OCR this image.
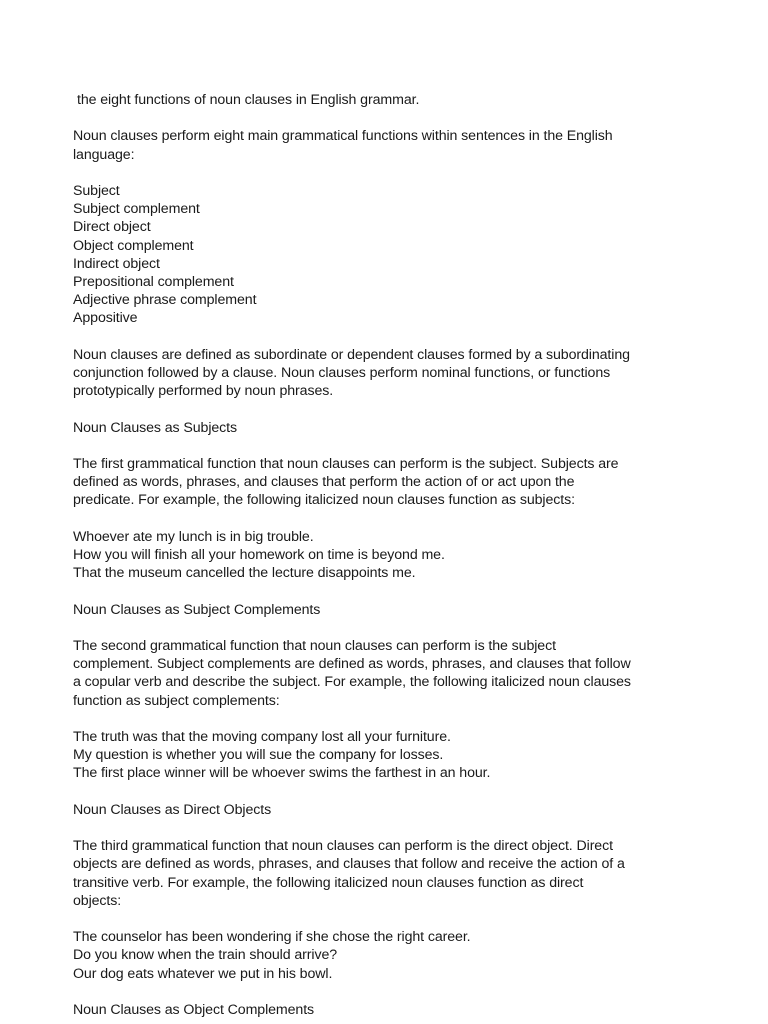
the eight functions of noun clauses in English grammar.
Noun clauses perform eight main grammatical functions within sentences in the English
language:
Subject
Subject complement
Direct object
Object complement
Indirect object
Prepositional complement
Adjective phrase complement
Appositive
Noun clauses are defined as subordinate or dependent clauses formed by a subordinating
conjunction followed by a clause. Noun clauses perform nominal functions, or functions
prototypically performed by noun phrases.
Noun Clauses as Subjects
The first grammatical function that noun clauses can perform is the subject. Subjects are
defined as words, phrases, and clauses that perform the action of or act upon the
predicate. For example, the following italicized noun clauses function as subjects:
Whoever ate my lunch is in big trouble.
How you will finish all your homework on time is beyond me.
That the museum cancelled the lecture disappoints me.
Noun Clauses as Subject Complements
The second grammatical function that noun clauses can perform is the subject
complement. Subject complements are defined as words, phrases, and clauses that follow
a copular verb and describe the subject. For example, the following italicized noun clauses
function as subject complements:
The truth was that the moving company lost all your furniture.
My question is whether you will sue the company for losses.
The first place winner will be whoever swims the farthest in an hour.
Noun Clauses as Direct Objects
The third grammatical function that noun clauses can perform is the direct object. Direct
objects are defined as words, phrases, and clauses that follow and receive the action of a
transitive verb. For example, the following italicized noun clauses function as direct
objects:
The counselor has been wondering if she chose the right career.
Do you know when the train should arrive?
Our dog eats whatever we put in his bowl.
Noun Clauses as Object Complements
